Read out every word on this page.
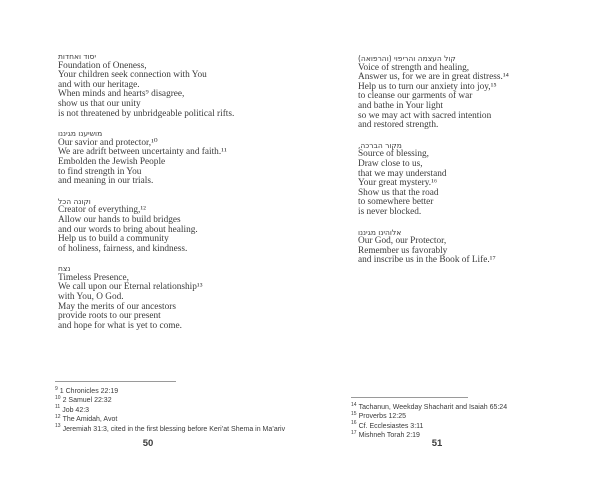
יסוד ואחדות
Foundation of Oneness,
Your children seek connection with You
and with our heritage.
When minds and hearts⁹ disagree,
show us that our unity
is not threatened by unbridgeable political rifts.
מושיענו מגיננו
Our savior and protector,¹⁰
We are adrift between uncertainty and faith.¹¹
Embolden the Jewish People
to find strength in You
and meaning in our trials.
וקונה הכל
Creator of everything,¹²
Allow our hands to build bridges
and our words to bring about healing.
Help us to build a community
of holiness, fairness, and kindness.
נצח
Timeless Presence,
We call upon our Eternal relationship¹³
with You, O God.
May the merits of our ancestors
provide roots to our present
and hope for what is yet to come.
קול העצמה והריפוי (והרפואה)
Voice of strength and healing,
Answer us, for we are in great distress.¹⁴
Help us to turn our anxiety into joy,¹⁵
to cleanse our garments of war
and bathe in Your light
so we may act with sacred intention
and restored strength.
מקור הברכה,
Source of blessing,
Draw close to us,
that we may understand
Your great mystery.¹⁶
Show us that the road
to somewhere better
is never blocked.
אלוהינו מגיננו
Our God, our Protector,
Remember us favorably
and inscribe us in the Book of Life.¹⁷
$^9$ 1 Chronicles 22:19
$^{10}$ 2 Samuel 22:32
$^{11}$ Job 42:3
$^{12}$ The Amidah, Avot
$^{13}$ Jeremiah 31:3, cited in the first blessing before Keri’at Shema in Ma’ariv
$^{14}$ Tachanun, Weekday Shacharit and Isaiah 65:24
$^{15}$ Proverbs 12:25
$^{16}$ Cf. Ecclesiastes 3:11
$^{17}$ Mishneh Torah 2:19
50	51
